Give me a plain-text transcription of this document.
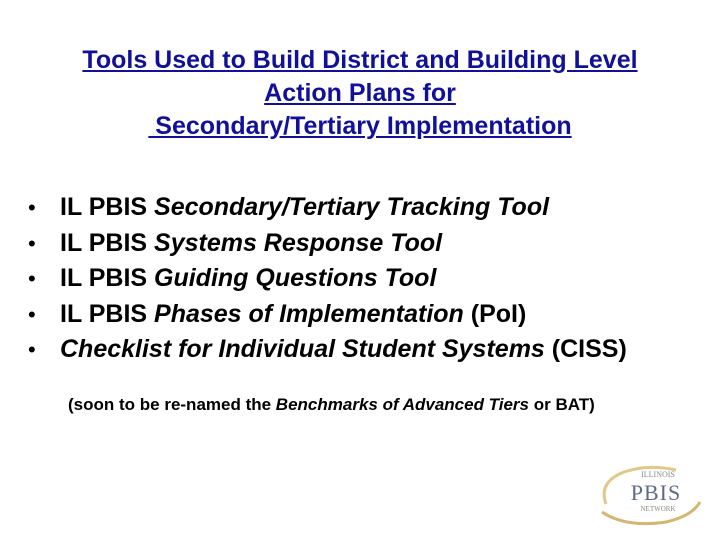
Tools Used to Build District and Building Level
Action Plans for
Secondary/Tertiary Implementation
• IL PBIS Secondary/Tertiary Tracking Tool
• IL PBIS Systems Response Tool
• IL PBIS Guiding Questions Tool
• IL PBIS Phases of Implementation (PoI)
• Checklist for Individual Student Systems (CISS)
(soon to be re-named the Benchmarks of Advanced Tiers or BAT)
ILLINOIS
PBIS
NETWORK
